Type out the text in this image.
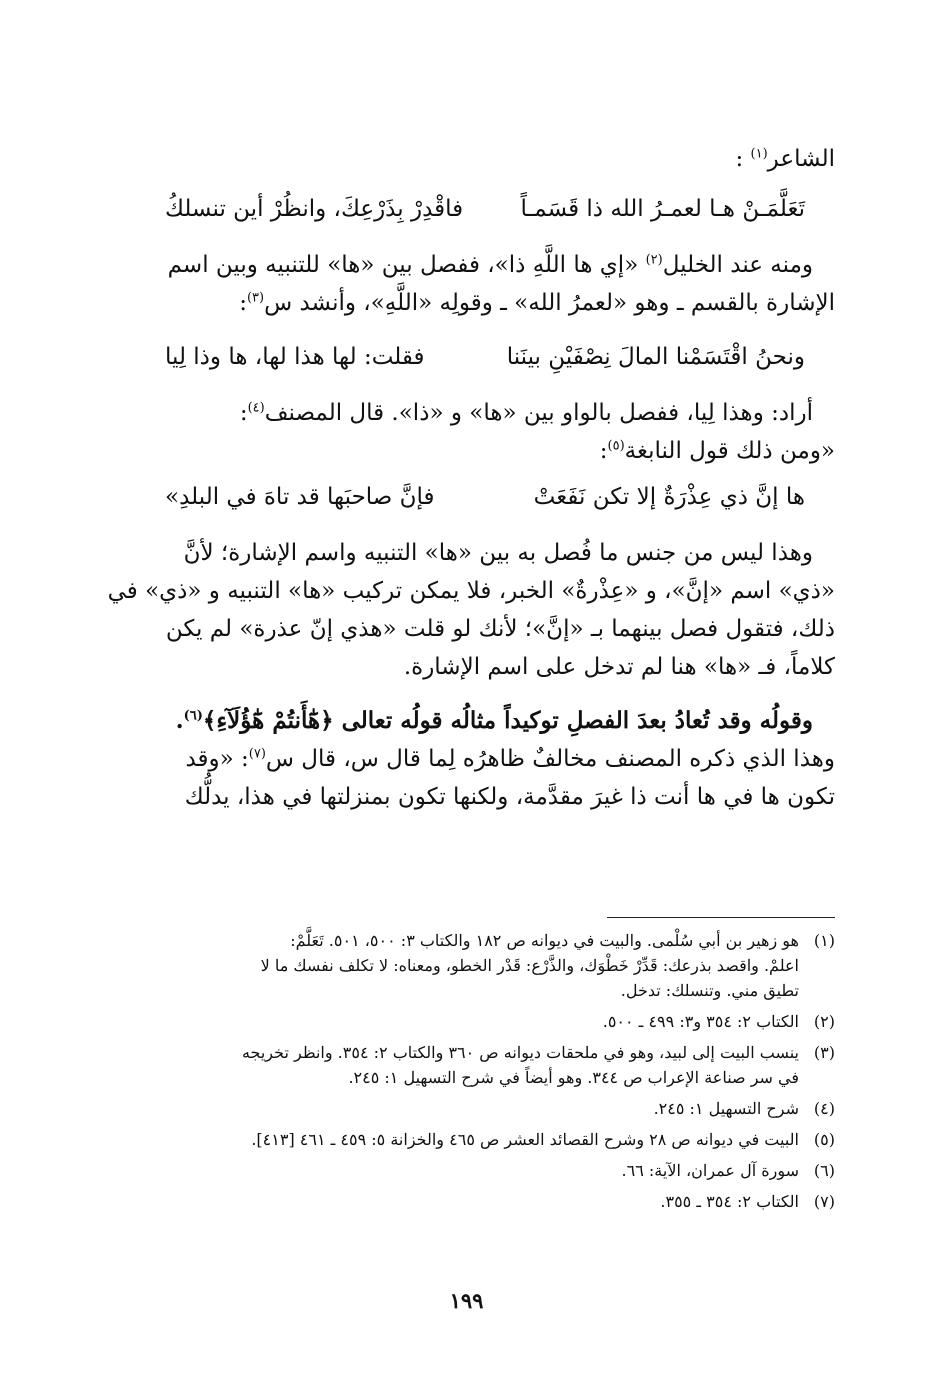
الشاعر$^{(١)}$ :

تَعَلَّمَـنْ هـا لعمـرُ الله ذا قَسَمـاً
فاقْدِرْ بِذَرْعِكَ، وانظُرْ أين تنسلكُ

ومنه عند الخليل$^{(٢)}$ «إي ها اللَّهِ ذا»، ففصل بين «ها» للتنبيه وبين اسم
الإشارة بالقسم ـ وهو «لعمرُ الله» ـ وقولِه «اللَّهِ»، وأنشد س$^{(٣)}$:

ونحنُ اقْتَسَمْنا المالَ نِصْفَيْنِ بينَنا
فقلت: لها هذا لها، ها وذا لِيا

أراد: وهذا لِيا، ففصل بالواو بين «ها» و «ذا». قال المصنف$^{(٤)}$:
«ومن ذلك قول النابغة$^{(٥)}$:

ها إنَّ ذي عِذْرَةٌ إلا تكن نَفَعَتْ
فإنَّ صاحبَها قد تاهَ في البلدِ»

وهذا ليس من جنس ما فُصل به بين «ها» التنبيه واسم الإشارة؛ لأنَّ
«ذي» اسم «إنَّ»، و «عِذْرةٌ» الخبر، فلا يمكن تركيب «ها» التنبيه و «ذي» في
ذلك، فتقول فصل بينهما بـ «إنَّ»؛ لأنك لو قلت «هذي إنّ عذرة» لم يكن
كلاماً، فـ «ها» هنا لم تدخل على اسم الإشارة.

وقولُه وقد تُعادُ بعدَ الفصلِ توكيداً مثالُه قولُه تعالى ﴿هَٰٓأَنتُمْ هَٰٓؤُلَآءِ﴾$^{(٦)}$.
وهذا الذي ذكره المصنف مخالفٌ ظاهرُه لِما قال س، قال س$^{(٧)}$: «وقد
تكون ها في ها أنت ذا غيرَ مقدَّمة، ولكنها تكون بمنزلتها في هذا، يدلُّك

(١)
هو زهير بن أبي سُلْمى. والبيت في ديوانه ص ١٨٢ والكتاب ٣: ٥٠٠، ٥٠١. تَعَلَّمْ:
اعلمْ. واقصد بذرعك: قَدِّرْ خَطْوَك، والذَّرْع: قَدْر الخطو، ومعناه: لا تكلف نفسك ما لا
تطيق مني. وتنسلك: تدخل.
(٢)
الكتاب ٢: ٣٥٤ و٣: ٤٩٩ ـ ٥٠٠.
(٣)
ينسب البيت إلى لبيد، وهو في ملحقات ديوانه ص ٣٦٠ والكتاب ٢: ٣٥٤. وانظر تخريجه
في سر صناعة الإعراب ص ٣٤٤. وهو أيضاً في شرح التسهيل ١: ٢٤٥.
(٤)
شرح التسهيل ١: ٢٤٥.
(٥)
البيت في ديوانه ص ٢٨ وشرح القصائد العشر ص ٤٦٥ والخزانة ٥: ٤٥٩ ـ ٤٦١ [٤١٣].
(٦)
سورة آل عمران، الآية: ٦٦.
(٧)
الكتاب ٢: ٣٥٤ ـ ٣٥٥.
١٩٩
